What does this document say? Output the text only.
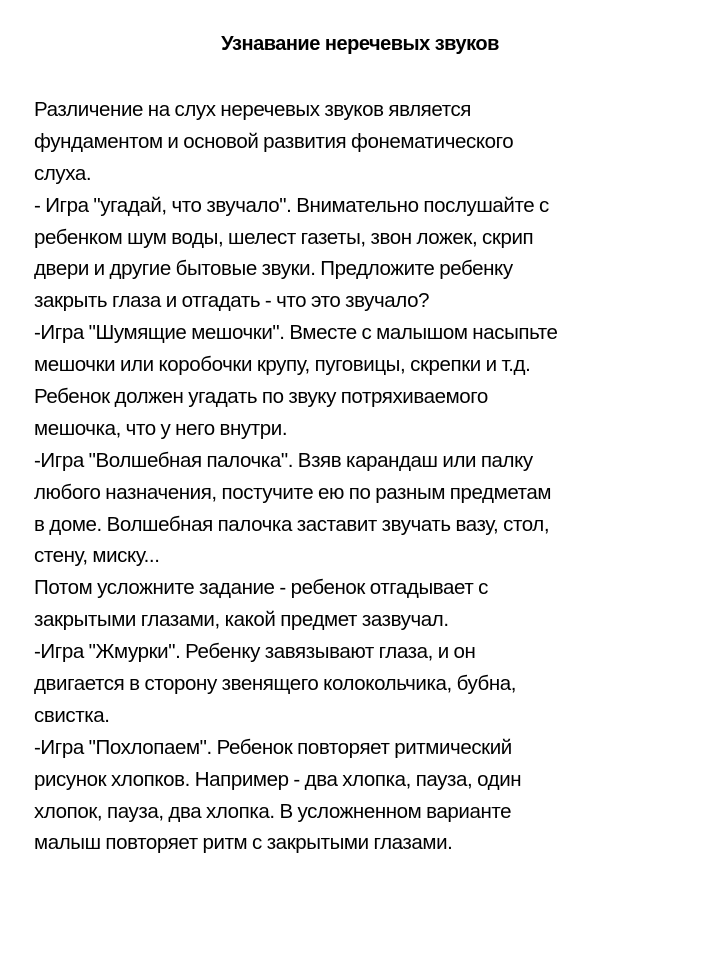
Узнавание неречевых звуков
Различение на слух неречевых звуков является
фундаментом и основой развития фонематического
слуха.
- Игра "угадай, что звучало". Внимательно послушайте с
ребенком шум воды, шелест газеты, звон ложек, скрип
двери и другие бытовые звуки. Предложите ребенку
закрыть глаза и отгадать - что это звучало?
-Игра "Шумящие мешочки". Вместе с малышом насыпьте
мешочки или коробочки крупу, пуговицы, скрепки и т.д.
Ребенок должен угадать по звуку потряхиваемого
мешочка, что у него внутри.
-Игра "Волшебная палочка". Взяв карандаш или палку
любого назначения, постучите ею по разным предметам
в доме. Волшебная палочка заставит звучать вазу, стол,
стену, миску...
Потом усложните задание - ребенок отгадывает с
закрытыми глазами, какой предмет зазвучал.
-Игра "Жмурки". Ребенку завязывают глаза, и он
двигается в сторону звенящего колокольчика, бубна,
свистка.
-Игра "Похлопаем". Ребенок повторяет ритмический
рисунок хлопков. Например - два хлопка, пауза, один
хлопок, пауза, два хлопка. В усложненном варианте
малыш повторяет ритм с закрытыми глазами.
